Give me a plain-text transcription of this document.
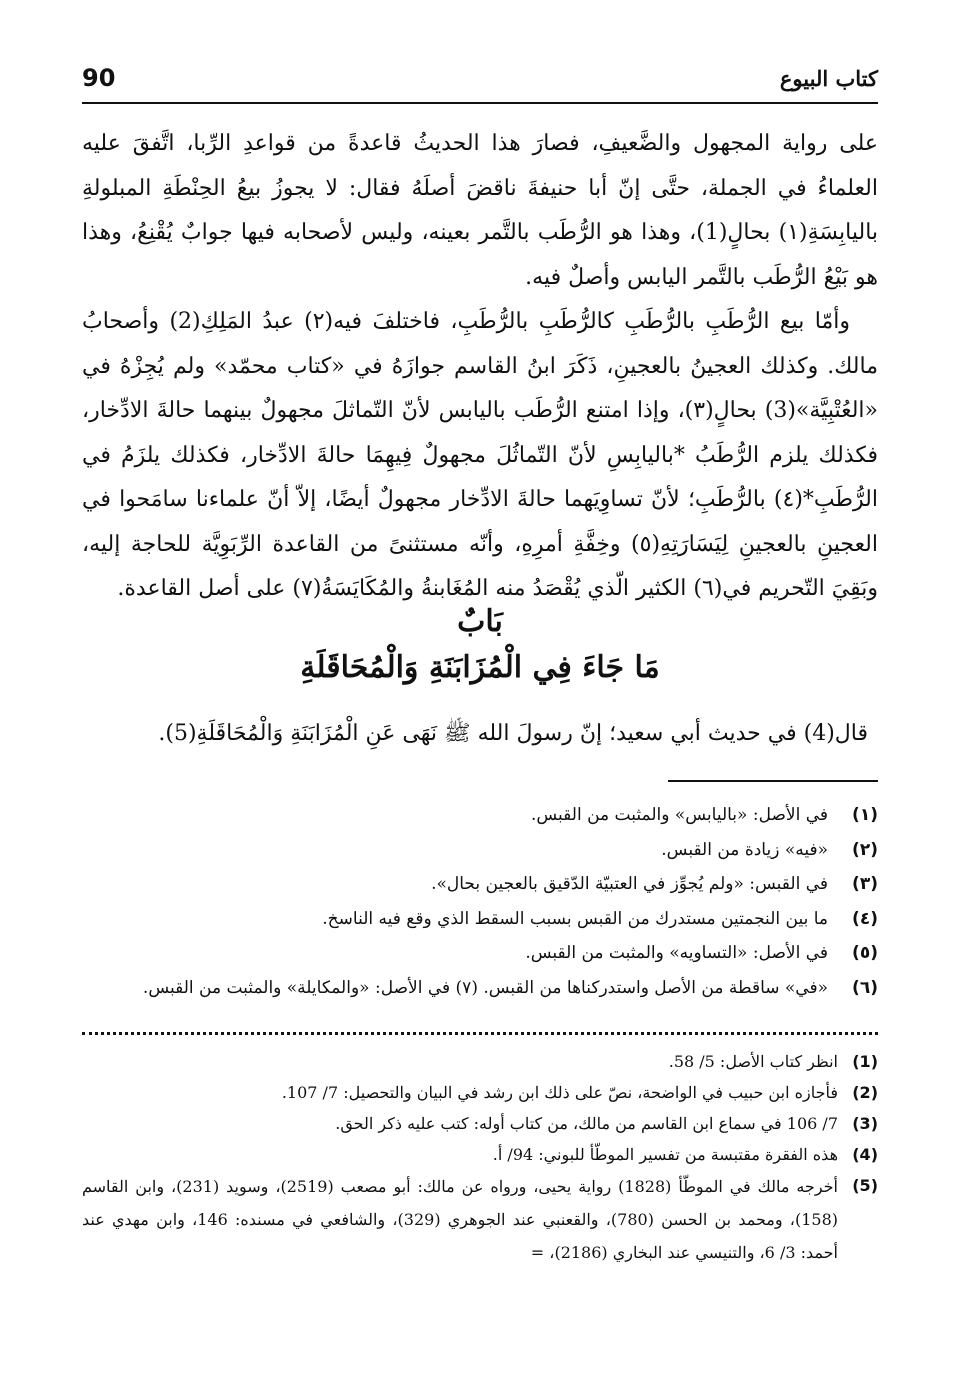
90	كتاب البيوع

على رواية المجهول والضَّعيفِ، فصارَ هذا الحديثُ قاعدةً من قواعدِ الرِّبا، اتَّفقَ عليه العلماءُ في الجملة، حتَّى إنّ أبا حنيفةَ ناقضَ أصلَهُ فقال: لا يجوزُ بيعُ الحِنْطَةِ المبلولةِ باليابِسَةِ(١) بحالٍ(1)، وهذا هو الرُّطَب بالتَّمر بعينه، وليس لأصحابه فيها جوابٌ يُقْنِعُ، وهذا هو بَيْعُ الرُّطَب بالتَّمر اليابس وأصلٌ فيه.

وأمّا بيع الرُّطَبِ بالرُّطَبِ كالرُّطَبِ بالرُّطَبِ، فاختلفَ فيه(٢) عبدُ المَلِكِ(2) وأصحابُ مالك. وكذلك العجينُ بالعجينِ، ذَكَرَ ابنُ القاسم جوازَهُ في «كتاب محمّد» ولم يُجِزْهُ في «العُتْبِيَّة»(3) بحالٍ(٣)، وإذا امتنع الرُّطَب باليابس لأنّ التّماثلَ مجهولٌ بينهما حالةَ الادِّخار، فكذلك يلزم الرُّطَبُ *باليابِسِ لأنّ التّماثُلَ مجهولٌ فِيهِمَا حالةَ الادِّخار، فكذلك يلزَمُ في الرُّطَبِ*(٤) بالرُّطَبِ؛ لأنّ تساوِيَهما حالةَ الادِّخار مجهولٌ أيضًا، إلاّ أنّ علماءنا سامَحوا في العجينِ بالعجينِ لِيَسَارَتِهِ(٥) وخِفَّةِ أمرِهِ، وأنّه مستثنىً من القاعدة الرِّبَوِيَّة للحاجة إليه، وبَقِيَ التّحريم في(٦) الكثير الّذي يُقْصَدُ منه المُغَابنةُ والمُكَايَسَةُ(٧) على أصل القاعدة.

بَابٌ
مَا جَاءَ فِي الْمُزَابَنَةِ وَالْمُحَاقَلَةِ
قال(4) في حديث أبي سعيد؛ إنّ رسولَ الله ﷺ نَهَى عَنِ الْمُزَابَنَةِ وَالْمُحَاقَلَةِ(5).
(١)
في الأصل: «باليابس» والمثبت من القبس.
(٢)
«فيه» زيادة من القبس.
(٣)
في القبس: «ولم يُجوِّز في العتبيّة الدّقيق بالعجين بحال».
(٤)
ما بين النجمتين مستدرك من القبس بسبب السقط الذي وقع فيه الناسخ.
(٥)
في الأصل: «التساويه» والمثبت من القبس.
(٦)
«في» ساقطة من الأصل واستدركناها من القبس. (٧) في الأصل: «والمكايلة» والمثبت من القبس.
(1)
انظر كتاب الأصل: 5/ 58.
(2)
فأجازه ابن حبيب في الواضحة، نصّ على ذلك ابن رشد في البيان والتحصيل: 7/ 107.
(3)
7/ 106 في سماع ابن القاسم من مالك، من كتاب أوله: كتب عليه ذكر الحق.
(4)
هذه الفقرة مقتبسة من تفسير الموطّأ للبوني: 94/ أ.
(5)
أخرجه مالك في الموطّأ (1828) رواية يحيى، ورواه عن مالك: أبو مصعب (2519)، وسويد (231)، وابن القاسم (158)، ومحمد بن الحسن (780)، والقعنبي عند الجوهري (329)، والشافعي في مسنده: 146، وابن مهدي عند أحمد: 3/ 6، والتنيسي عند البخاري (2186)، =
